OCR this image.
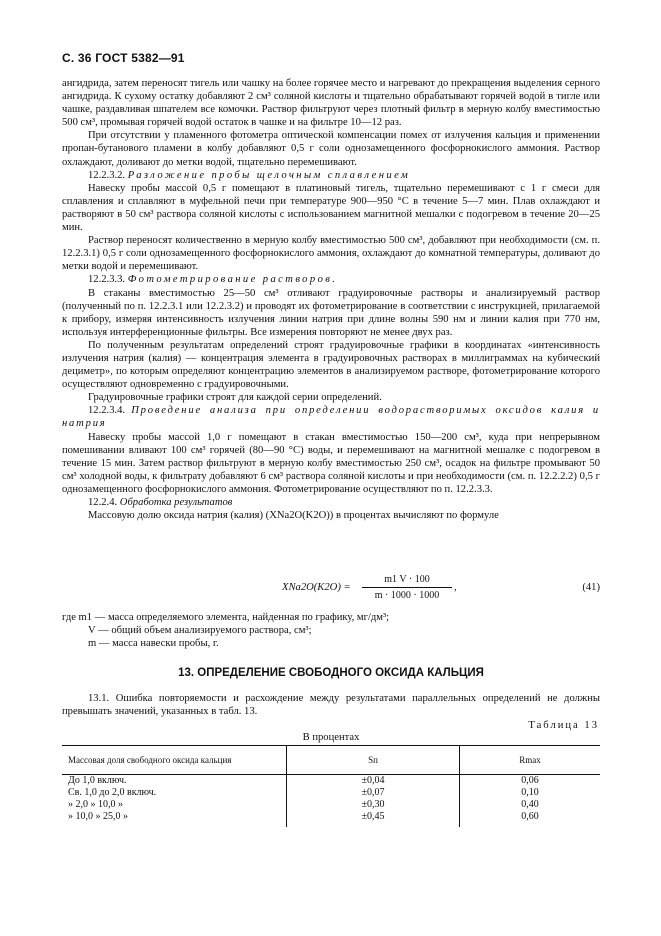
С. 36 ГОСТ 5382—91

ангидрида, затем переносят тигель или чашку на более горячее место и нагревают до прекращения выделения серного ангидрида. К сухому остатку добавляют 2 см³ соляной кислоты и тщательно обрабатывают горячей водой в тигле или чашке, раздавливая шпателем все комочки. Раствор фильтруют через плотный фильтр в мерную колбу вместимостью 500 см³, промывая горячей водой остаток в чашке и на фильтре 10—12 раз.

При отсутствии у пламенного фотометра оптической компенсации помех от излучения кальция и применении пропан-бутанового пламени в колбу добавляют 0,5 г соли однозамещенного фосфорнокислого аммония. Раствор охлаждают, доливают до метки водой, тщательно перемешивают.

12.2.3.2. Разложение пробы щелочным сплавлением

Навеску пробы массой 0,5 г помещают в платиновый тигель, тщательно перемешивают с 1 г смеси для сплавления и сплавляют в муфельной печи при температуре 900—950 °С в течение 5—7 мин. Плав охлаждают и растворяют в 50 см³ раствора соляной кислоты с использованием магнитной мешалки с подогревом в течение 20—25 мин.

Раствор переносят количественно в мерную колбу вместимостью 500 см³, добавляют при необходимости (см. п. 12.2.3.1) 0,5 г соли однозамещенного фосфорнокислого аммония, охлаждают до комнатной температуры, доливают до метки водой и перемешивают.

12.2.3.3. Фотометрирование растворов.

В стаканы вместимостью 25—50 см³ отливают градуировочные растворы и анализируемый раствор (полученный по п. 12.2.3.1 или 12.2.3.2) и проводят их фотометрирование в соответствии с инструкцией, прилагаемой к прибору, измеряя интенсивность излучения линии натрия при длине волны 590 нм и линии калия при 770 нм, используя интерференционные фильтры. Все измерения повторяют не менее двух раз.

По полученным результатам определений строят градуировочные графики в координатах «интенсивность излучения натрия (калия) — концентрация элемента в градуировочных растворах в миллиграммах на кубический дециметр», по которым определяют концентрацию элементов в анализируемом растворе, фотометрирование которого осуществляют одновременно с градуировочными.

Градуировочные графики строят для каждой серии определений.

12.2.3.4. Проведение анализа при определении водорастворимых оксидов калия и натрия

Навеску пробы массой 1,0 г помещают в стакан вместимостью 150—200 см³, куда при непрерывном помешивании вливают 100 см³ горячей (80—90 °С) воды, и перемешивают на магнитной мешалке с подогревом в течение 15 мин. Затем раствор фильтруют в мерную колбу вместимостью 250 см³, осадок на фильтре промывают 50 см³ холодной воды, к фильтрату добавляют 6 см³ раствора соляной кислоты и при необходимости (см. п. 12.2.2.2) 0,5 г однозамещенного фосфорнокислого аммония. Фотометрирование осуществляют по п. 12.2.3.3.

12.2.4. Обработка результатов

Массовую долю оксида натрия (калия) (XNa2O(K2O)) в процентах вычисляют по формуле

$XNa2O(K2O) = \frac{m1 V \cdot 100}{m \cdot 1000 \cdot 1000}$ ,	(41)

где m1 — масса определяемого элемента, найденная по графику, мг/дм³;

V — общий объем анализируемого раствора, см³;

m — масса навески пробы, г.

13. ОПРЕДЕЛЕНИЕ СВОБОДНОГО ОКСИДА КАЛЬЦИЯ

13.1. Ошибка повторяемости и расхождение между результатами параллельных определений не должны превышать значений, указанных в табл. 13.

Таблица 13
В процентах
Массовая доля свободного оксида кальция	Sп	Rmax
До 1,0 включ.	±0,04	0,06
Св. 1,0 до 2,0 включ.	±0,07	0,10
» 2,0 » 10,0 »	±0,30	0,40
» 10,0 » 25,0 »	±0,45	0,60
